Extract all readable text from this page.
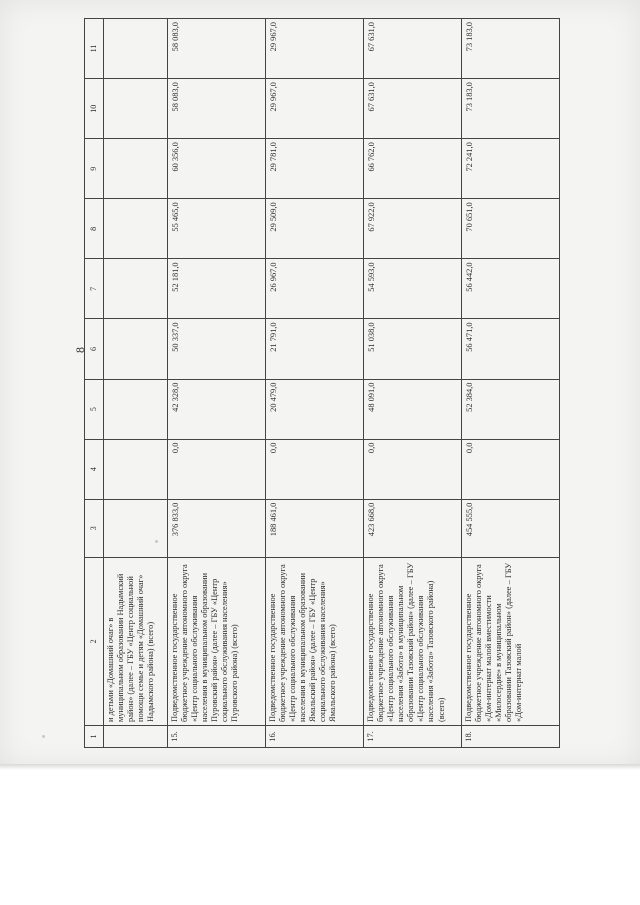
8
1	2	3	4	5	6	7	8	9	10	11
	и детьми «Домашний очаг» в муниципальном образовании Надымский район» (далее – ГБУ «Центр социальной помощи семье и детям «Домашний очаг» Надымского района) (всего)									
15.	Подведомственное государственное бюджетное учреждение автономного округа «Центр социального обслуживания населения в муниципальном образовании Пуровский район» (далее – ГБУ «Центр социального обслуживания населения» Пуровского района) (всего)	376 833,0	0,0	42 328,0	50 337,0	52 181,0	55 465,0	60 356,0	58 083,0	58 083,0
16.	Подведомственное государственное бюджетное учреждение автономного округа «Центр социального обслуживания населения в муниципальном образовании Ямальский район» (далее – ГБУ «Центр социального обслуживания населения» Ямальского района) (всего)	188 461,0	0,0	20 479,0	21 791,0	26 967,0	29 509,0	29 781,0	29 967,0	29 967,0
17.	Подведомственное государственное бюджетное учреждение автономного округа «Центр социального обслуживания населения «Забота» в муниципальном образовании Тазовский район» (далее – ГБУ «Центр социального обслуживания населения «Забота» Тазовского района) (всего)	423 668,0	0,0	48 091,0	51 038,0	54 593,0	67 922,0	66 762,0	67 631,0	67 631,0
18.	Подведомственное государственное бюджетное учреждение автономного округа «Дом-интернат малой вместимости «Милосердие» в муниципальном образовании Тазовский район» (далее – ГБУ «Дом-интернат малой	454 555,0	0,0	52 384,0	56 471,0	56 442,0	70 651,0	72 241,0	73 183,0	73 183,0
